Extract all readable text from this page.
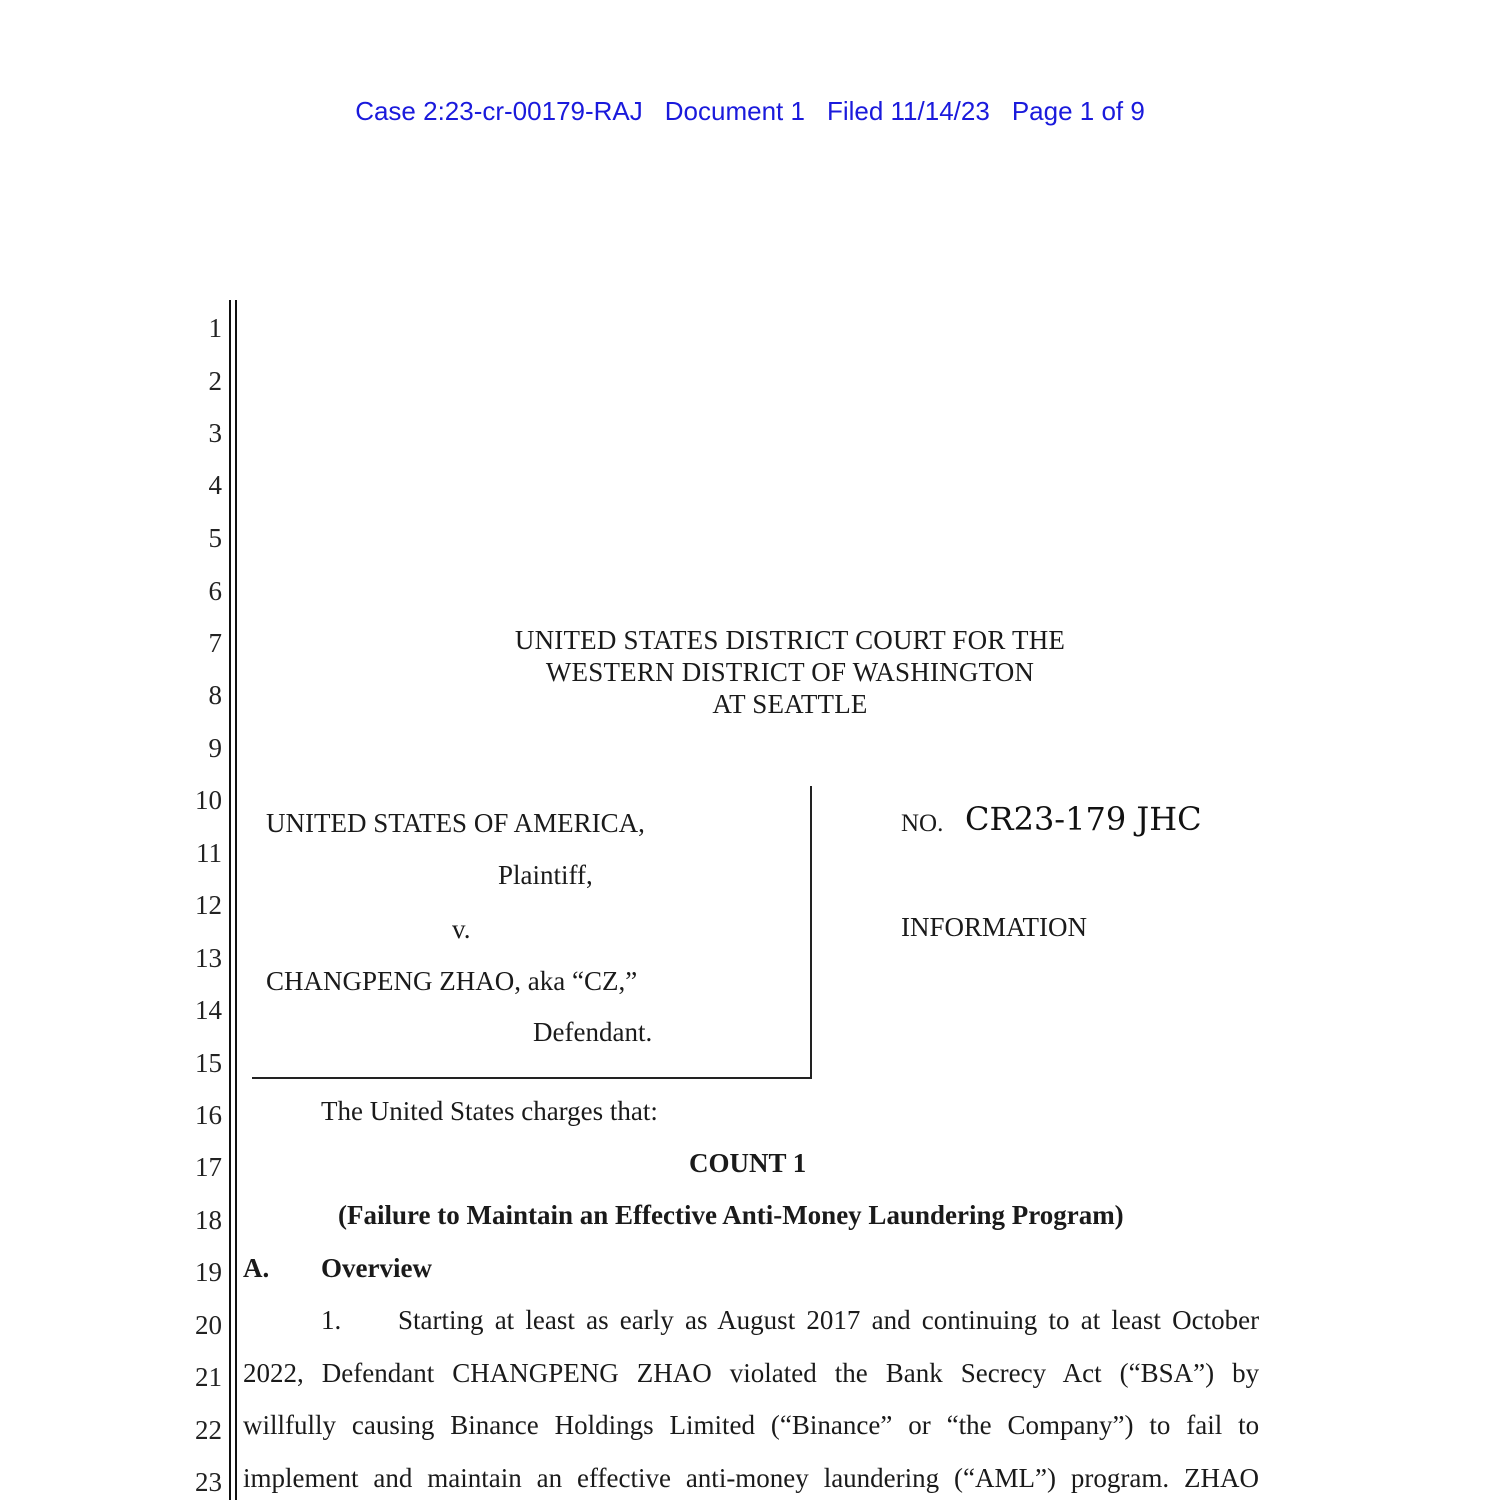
Case 2:23-cr-00179-RAJ Document 1 Filed 11/14/23 Page 1 of 9
1
2
3
4
5
6
7
8
9
10
11
12
13
14
15
16
17
18
19
20
21
22
23
UNITED STATES DISTRICT COURT FOR THE
WESTERN DISTRICT OF WASHINGTON
AT SEATTLE
UNITED STATES OF AMERICA,
Plaintiff,
v.
CHANGPENG ZHAO, aka “CZ,”
Defendant.
NO. CR23-179 JHC
INFORMATION
The United States charges that:
COUNT 1
(Failure to Maintain an Effective Anti-Money Laundering Program)
A. Overview
1. Starting at least as early as August 2017 and continuing to at least October
2022, Defendant CHANGPENG ZHAO violated the Bank Secrecy Act (“BSA”) by
willfully causing Binance Holdings Limited (“Binance” or “the Company”) to fail to
implement and maintain an effective anti-money laundering (“AML”) program. ZHAO
